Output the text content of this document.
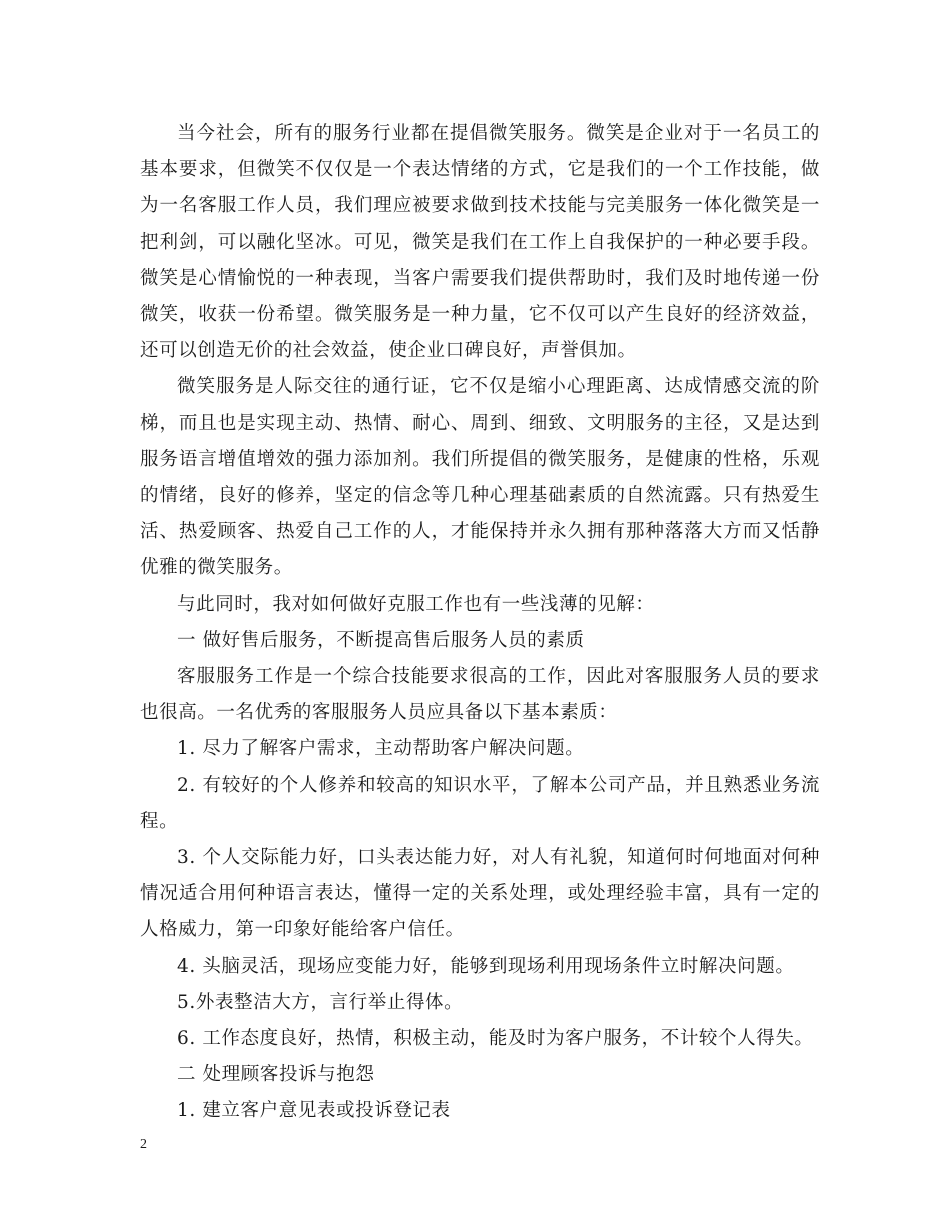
当今社会，所有的服务行业都在提倡微笑服务。微笑是企业对于一名员工的基本要求，但微笑不仅仅是一个表达情绪的方式，它是我们的一个工作技能，做为一名客服工作人员，我们理应被要求做到技术技能与完美服务一体化微笑是一把利剑，可以融化坚冰。可见，微笑是我们在工作上自我保护的一种必要手段。微笑是心情愉悦的一种表现，当客户需要我们提供帮助时，我们及时地传递一份微笑，收获一份希望。微笑服务是一种力量，它不仅可以产生良好的经济效益，还可以创造无价的社会效益，使企业口碑良好，声誉俱加。

微笑服务是人际交往的通行证，它不仅是缩小心理距离、达成情感交流的阶梯，而且也是实现主动、热情、耐心、周到、细致、文明服务的主径，又是达到服务语言增值增效的强力添加剂。我们所提倡的微笑服务，是健康的性格，乐观的情绪，良好的修养，坚定的信念等几种心理基础素质的自然流露。只有热爱生活、热爱顾客、热爱自己工作的人，才能保持并永久拥有那种落落大方而又恬静优雅的微笑服务。

与此同时，我对如何做好克服工作也有一些浅薄的见解：

一 做好售后服务，不断提高售后服务人员的素质

客服服务工作是一个综合技能要求很高的工作，因此对客服服务人员的要求也很高。一名优秀的客服服务人员应具备以下基本素质：

1. 尽力了解客户需求，主动帮助客户解决问题。

2. 有较好的个人修养和较高的知识水平，了解本公司产品，并且熟悉业务流程。

3. 个人交际能力好，口头表达能力好，对人有礼貌，知道何时何地面对何种情况适合用何种语言表达，懂得一定的关系处理，或处理经验丰富，具有一定的人格威力，第一印象好能给客户信任。

4. 头脑灵活，现场应变能力好，能够到现场利用现场条件立时解决问题。

5.外表整洁大方，言行举止得体。

6. 工作态度良好，热情，积极主动，能及时为客户服务，不计较个人得失。

二 处理顾客投诉与抱怨

1. 建立客户意见表或投诉登记表

2
